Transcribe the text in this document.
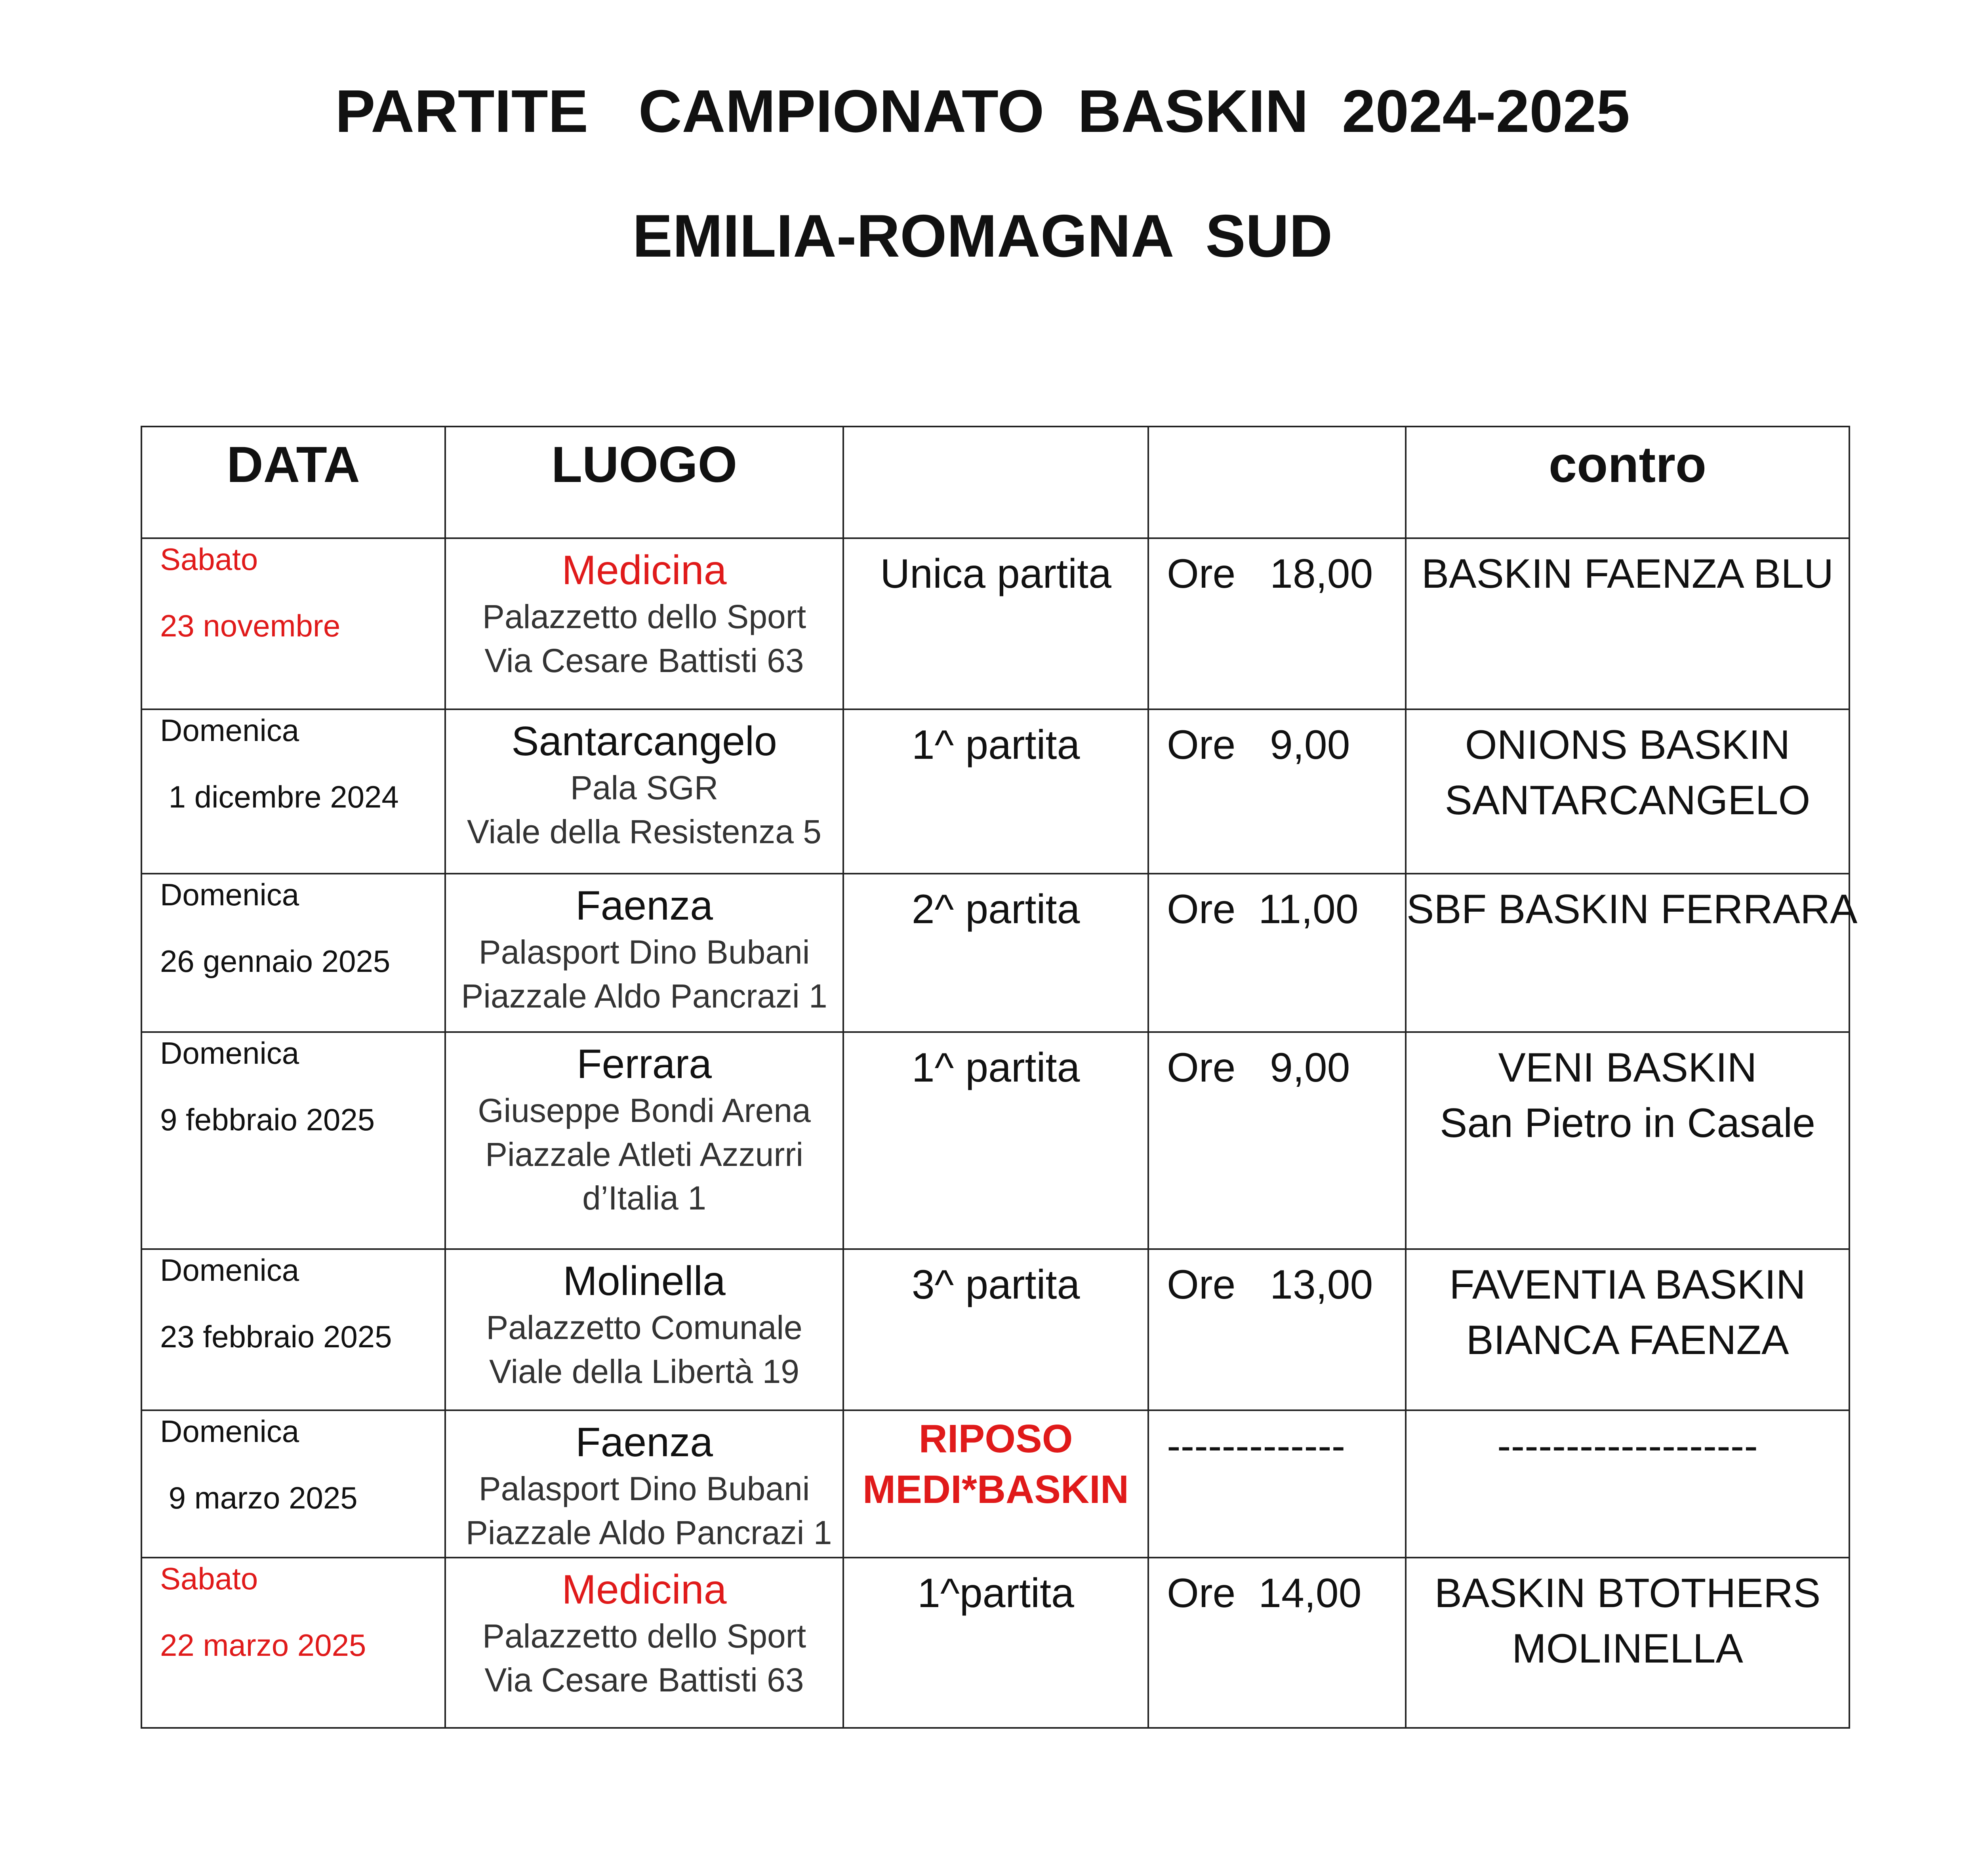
PARTITE   CAMPIONATO  BASKIN  2024-2025
EMILIA-ROMAGNA  SUD
DATA	LUOGO			contro

Sabato
23 novembre	Medicina
Palazzetto dello Sport
Via Cesare Battisti 63	Unica partita	Ore   18,00	BASKIN FAENZA BLU

Domenica
1 dicembre 2024	Santarcangelo
Pala SGR
Viale della Resistenza 5	1^ partita	Ore   9,00	ONIONS BASKIN
SANTARCANGELO

Domenica
26 gennaio 2025	Faenza
Palasport Dino Bubani
Piazzale Aldo Pancrazi 1	2^ partita	Ore  11,00	SBF BASKIN FERRARA

Domenica
9 febbraio 2025	Ferrara
Giuseppe Bondi Arena
Piazzale Atleti Azzurri
d’Italia 1	1^ partita	Ore   9,00	VENI BASKIN
San Pietro in Casale

Domenica
23 febbraio 2025	Molinella
Palazzetto Comunale
Viale della Libertà 19	3^ partita	Ore   13,00	FAVENTIA BASKIN
BIANCA FAENZA

Domenica
9 marzo 2025	Faenza
Palasport Dino Bubani
Piazzale Aldo Pancrazi 1	RIPOSO
MEDI*BASKIN	-------------	-------------------

Sabato
22 marzo 2025	Medicina
Palazzetto dello Sport
Via Cesare Battisti 63	1^partita	Ore  14,00	BASKIN BTOTHERS
MOLINELLA
